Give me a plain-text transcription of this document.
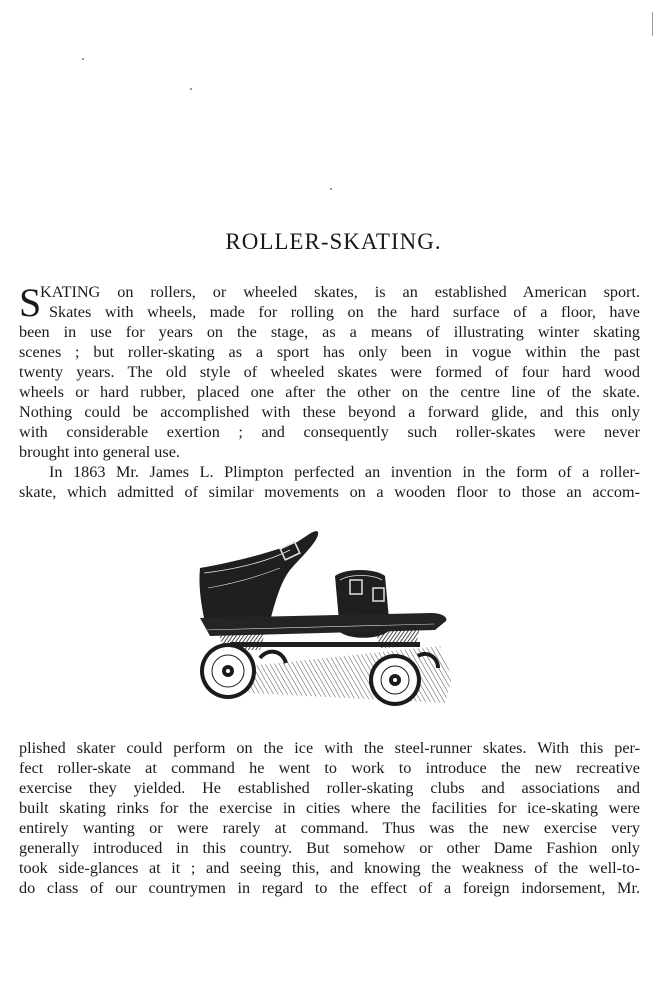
ROLLER-SKATING.
S
KATING on rollers, or wheeled skates, is an established American sport.
Skates with wheels, made for rolling on the hard surface of a floor, have
been in use for years on the stage, as a means of illustrating winter skating
scenes ; but roller-skating as a sport has only been in vogue within the past
twenty years. The old style of wheeled skates were formed of four hard wood
wheels or hard rubber, placed one after the other on the centre line of the skate.
Nothing could be accomplished with these beyond a forward glide, and this only
with considerable exertion ; and consequently such roller-skates were never
brought into general use.
In 1863 Mr. James L. Plimpton perfected an invention in the form of a roller-
skate, which admitted of similar movements on a wooden floor to those an accom-
plished skater could perform on the ice with the steel-runner skates. With this per-
fect roller-skate at command he went to work to introduce the new recreative
exercise they yielded. He established roller-skating clubs and associations and
built skating rinks for the exercise in cities where the facilities for ice-skating were
entirely wanting or were rarely at command. Thus was the new exercise very
generally introduced in this country. But somehow or other Dame Fashion only
took side-glances at it ; and seeing this, and knowing the weakness of the well-to-
do class of our countrymen in regard to the effect of a foreign indorsement, Mr.
